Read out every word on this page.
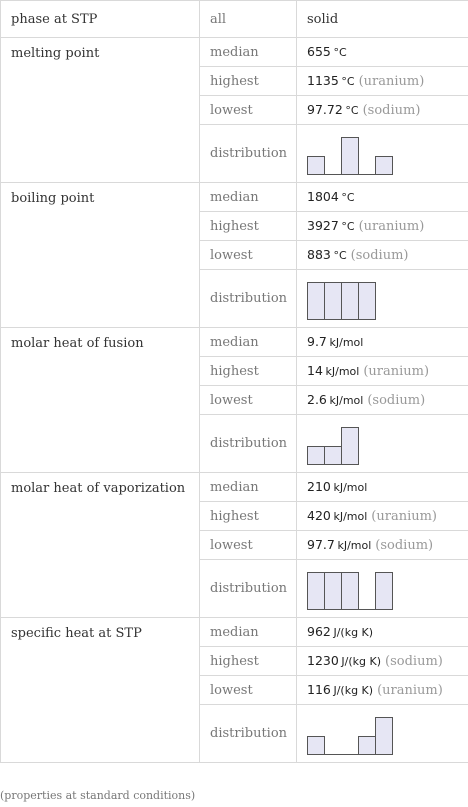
phase at STP	all	solid
melting point	median	655  °C
	highest	1135  °C (uranium)
	lowest	97.72  °C (sodium)
	distribution	

boiling point	median	1804  °C
	highest	3927  °C (uranium)
	lowest	883  °C (sodium)
	distribution	

molar heat of fusion	median	9.7  kJ/mol
	highest	14  kJ/mol (uranium)
	lowest	2.6  kJ/mol (sodium)
	distribution	

molar heat of vaporization	median	210  kJ/mol
	highest	420  kJ/mol (uranium)
	lowest	97.7  kJ/mol (sodium)
	distribution	

specific heat at STP	median	962  J/(kg K)
	highest	1230  J/(kg K) (sodium)
	lowest	116  J/(kg K) (uranium)
	distribution	
(properties at standard conditions)
